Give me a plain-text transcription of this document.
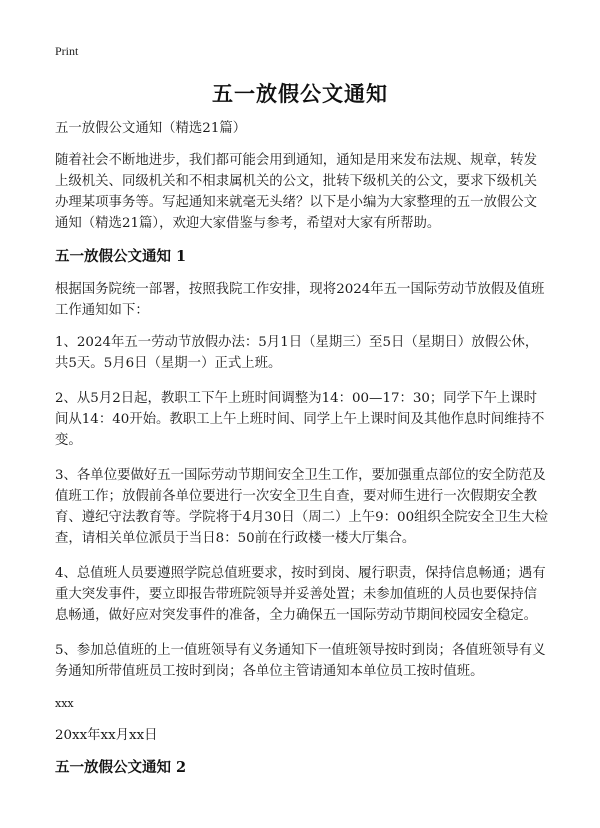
Print
五一放假公文通知

五一放假公文通知（精选21篇）

随着社会不断地进步，我们都可能会用到通知，通知是用来发布法规、规章，转发上级机关、同级机关和不相隶属机关的公文，批转下级机关的公文，要求下级机关办理某项事务等。写起通知来就毫无头绪？以下是小编为大家整理的五一放假公文通知（精选21篇），欢迎大家借鉴与参考，希望对大家有所帮助。

五一放假公文通知 1

根据国务院统一部署，按照我院工作安排，现将2024年五一国际劳动节放假及值班工作通知如下：

1、2024年五一劳动节放假办法：5月1日（星期三）至5日（星期日）放假公休，共5天。5月6日（星期一）正式上班。

2、从5月2日起，教职工下午上班时间调整为14：00—17：30；同学下午上课时间从14：40开始。教职工上午上班时间、同学上午上课时间及其他作息时间维持不变。

3、各单位要做好五一国际劳动节期间安全卫生工作，要加强重点部位的安全防范及值班工作；放假前各单位要进行一次安全卫生自查，要对师生进行一次假期安全教育、遵纪守法教育等。学院将于4月30日（周二）上午9：00组织全院安全卫生大检查，请相关单位派员于当日8：50前在行政楼一楼大厅集合。

4、总值班人员要遵照学院总值班要求，按时到岗、履行职责，保持信息畅通；遇有重大突发事件，要立即报告带班院领导并妥善处置；未参加值班的人员也要保持信息畅通，做好应对突发事件的准备，全力确保五一国际劳动节期间校园安全稳定。

5、参加总值班的上一值班领导有义务通知下一值班领导按时到岗；各值班领导有义务通知所带值班员工按时到岗；各单位主管请通知本单位员工按时值班。

xxx

20xx年xx月xx日

五一放假公文通知 2
